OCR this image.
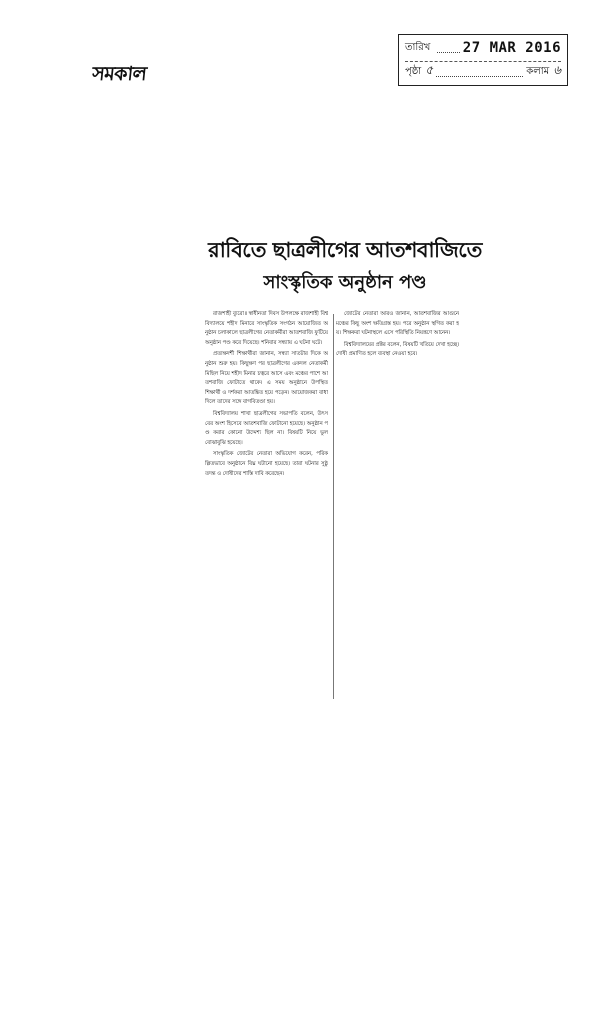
সমকাল
তারিখ 27 MAR 2016
পৃষ্ঠা ৫	কলাম ৬
রাবিতে ছাত্রলীগের আতশবাজিতে
সাংস্কৃতিক অনুষ্ঠান পণ্ড

রাজশাহী ব্যুরো॥ স্বাধীনতা দিবস উপলক্ষে রাজশাহী বিশ্ববিদ্যালয়ে শহীদ মিনারে সাংস্কৃতিক সংগঠন আয়োজিত অনুষ্ঠান চলাকালে ছাত্রলীগের নেতাকর্মীরা আতশবাজি ফুটিয়ে অনুষ্ঠান পণ্ড করে দিয়েছে। শনিবার সন্ধ্যায় এ ঘটনা ঘটে।

প্রত্যক্ষদর্শী শিক্ষার্থীরা জানান, সন্ধ্যা সাতটার দিকে অনুষ্ঠান শুরু হয়। কিছুক্ষণ পর ছাত্রলীগের একদল নেতাকর্মী মিছিল নিয়ে শহীদ মিনার চত্বরে আসে এবং মঞ্চের পাশে আতশবাজি ফোটাতে থাকে। এ সময় অনুষ্ঠানে উপস্থিত শিক্ষার্থী ও দর্শকরা আতঙ্কিত হয়ে পড়েন। আয়োজকরা বাধা দিলে তাদের সঙ্গে বাগবিতণ্ডা হয়।

বিশ্ববিদ্যালয় শাখা ছাত্রলীগের সভাপতি বলেন, উৎসবের অংশ হিসেবে আতশবাজি ফোটানো হয়েছে। অনুষ্ঠান পণ্ড করার কোনো উদ্দেশ্য ছিল না। বিষয়টি নিয়ে ভুল বোঝাবুঝি হয়েছে।

সাংস্কৃতিক জোটের নেতারা অভিযোগ করেন, পরিকল্পিতভাবে অনুষ্ঠানে বিঘ্ন ঘটানো হয়েছে। তারা ঘটনার সুষ্ঠু তদন্ত ও দোষীদের শাস্তি দাবি করেছেন।

জোটের নেতারা আরও জানান, আতশবাজির আগুনে মঞ্চের কিছু অংশ ক্ষতিগ্রস্ত হয়। পরে অনুষ্ঠান স্থগিত করা হয়। শিক্ষকরা ঘটনাস্থলে এসে পরিস্থিতি নিয়ন্ত্রণে আনেন।

বিশ্ববিদ্যালয়ের প্রক্টর বলেন, বিষয়টি খতিয়ে দেখা হচ্ছে। দোষী প্রমাণিত হলে ব্যবস্থা নেওয়া হবে।
